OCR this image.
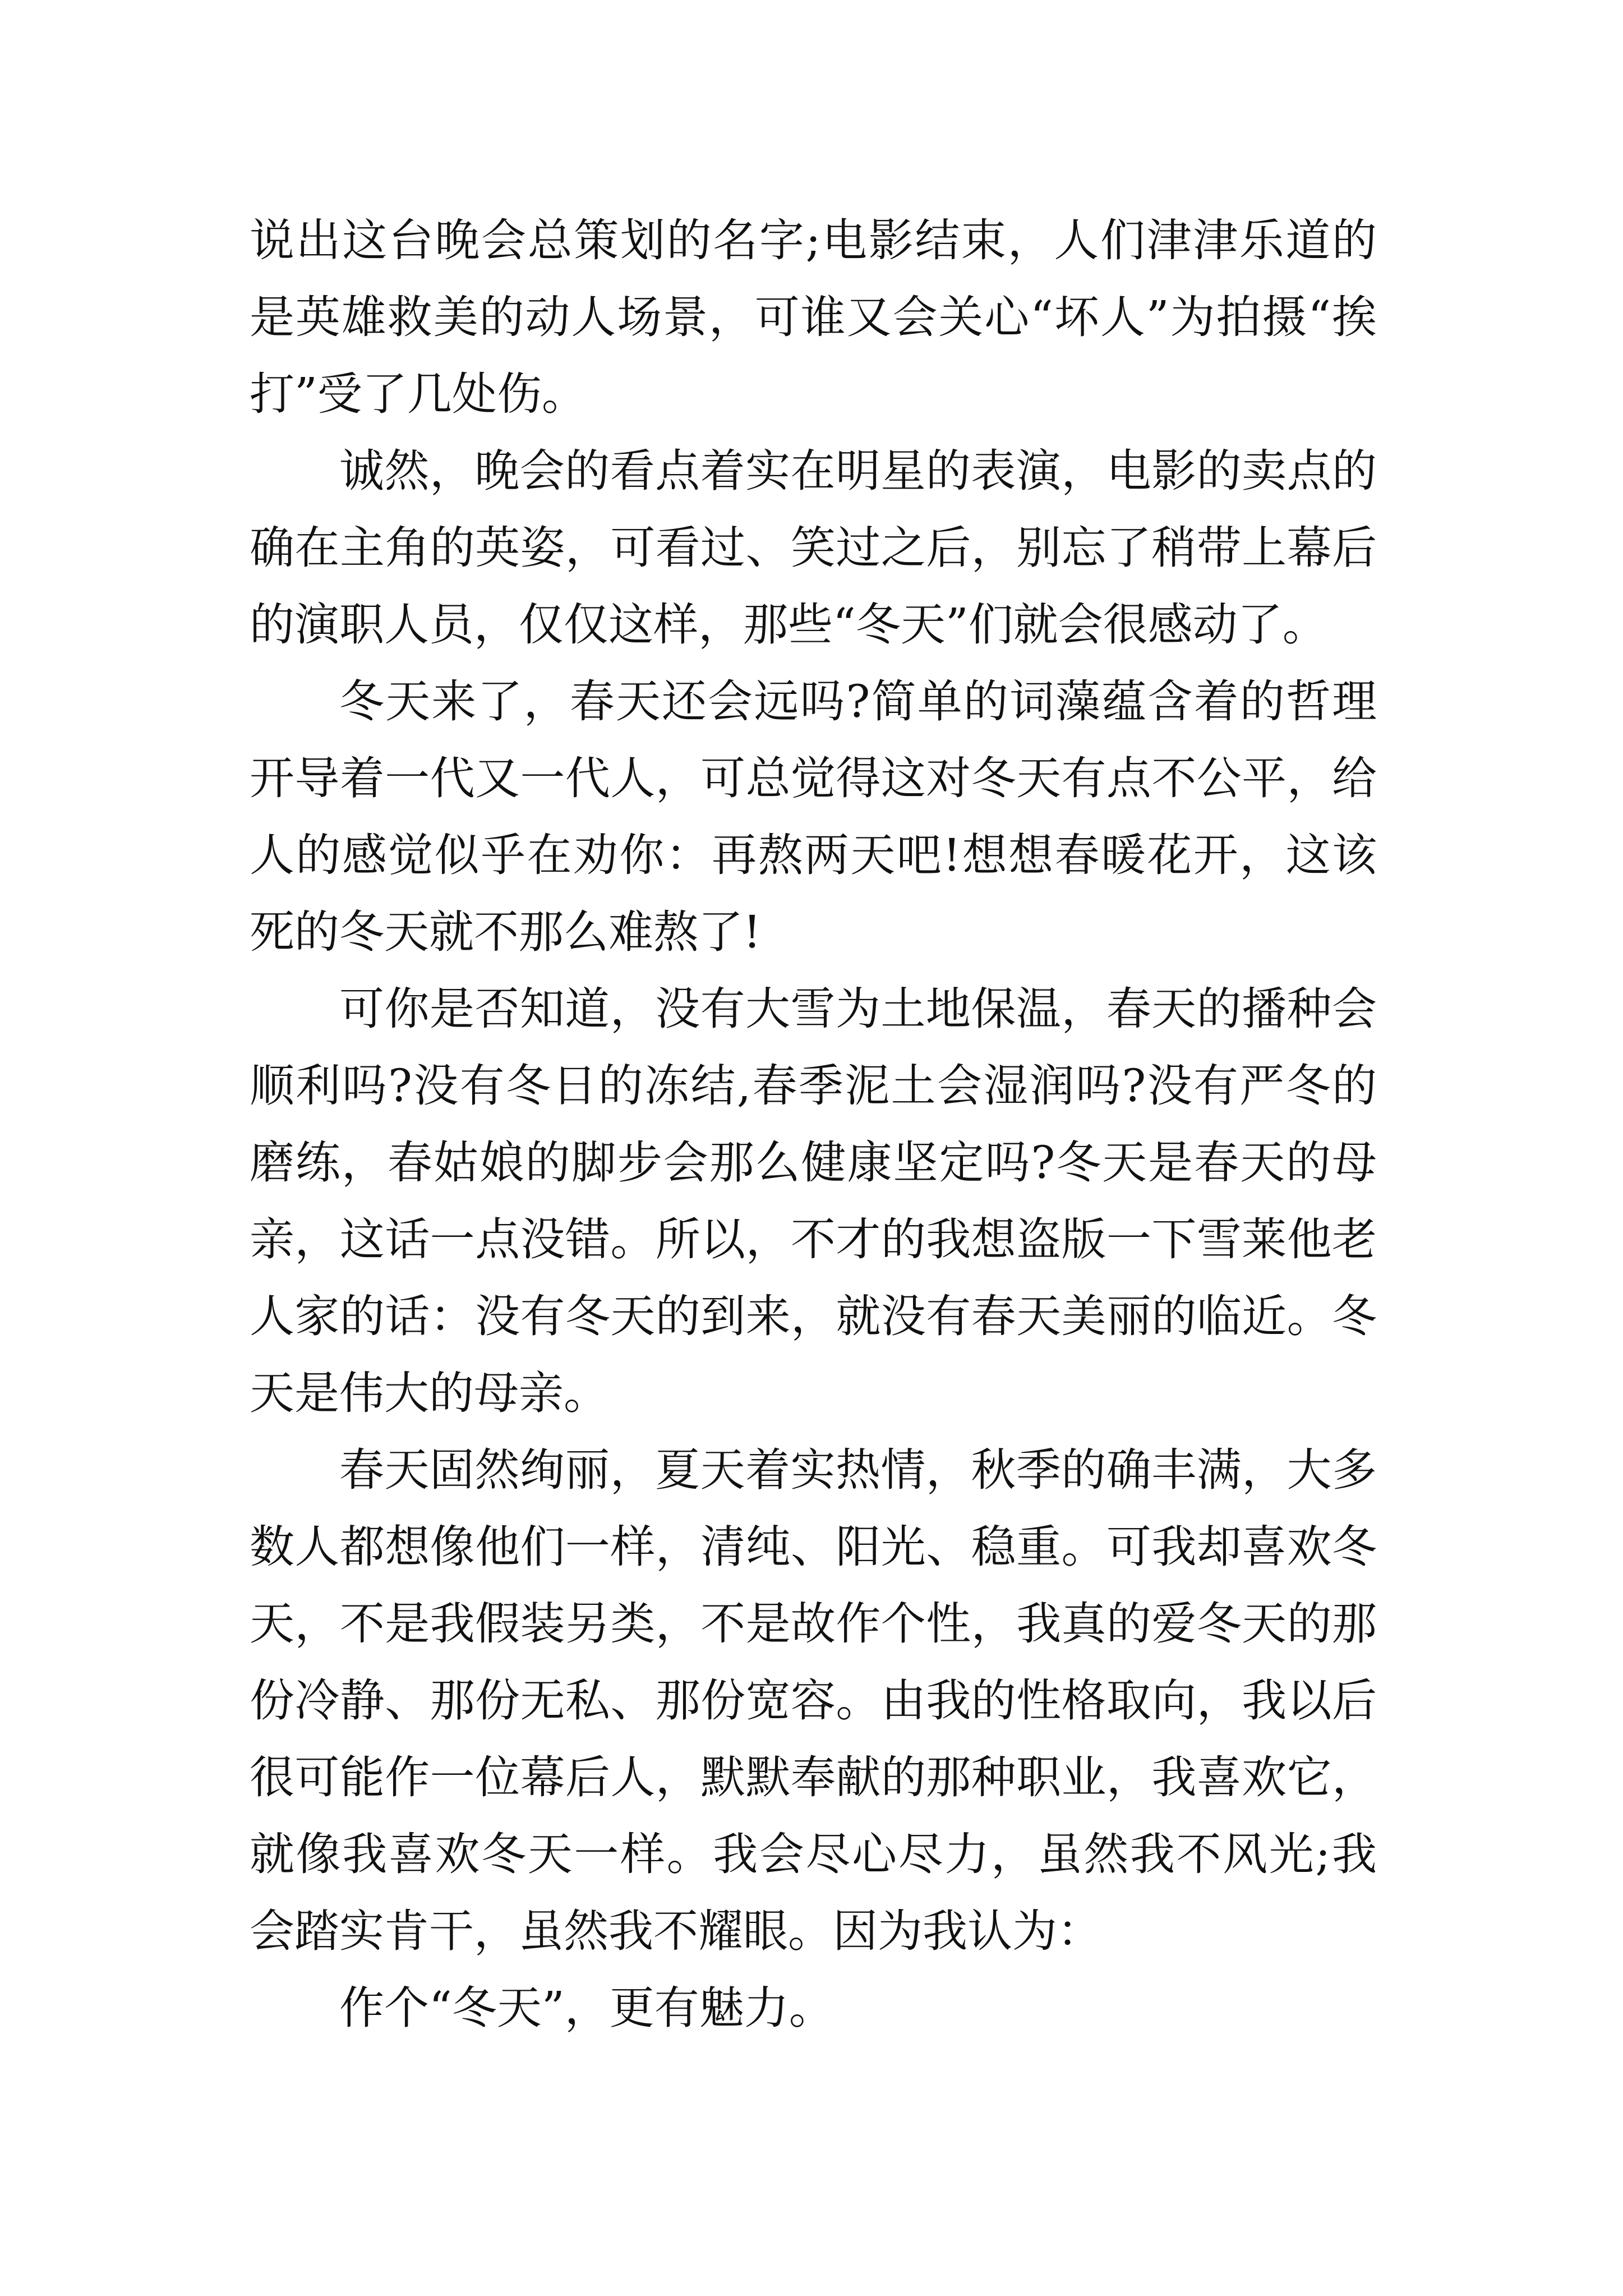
说出这台晚会总策划的名字;电影结束，人们津津乐道的是英雄救美的动人场景，可谁又会关心“坏人”为拍摄“挨打”受了几处伤。

诚然，晚会的看点着实在明星的表演，电影的卖点的确在主角的英姿，可看过、笑过之后，别忘了稍带上幕后的演职人员，仅仅这样，那些“冬天”们就会很感动了。

冬天来了，春天还会远吗?简单的词藻蕴含着的哲理开导着一代又一代人，可总觉得这对冬天有点不公平，给人的感觉似乎在劝你：再熬两天吧!想想春暖花开，这该死的冬天就不那么难熬了!

可你是否知道，没有大雪为土地保温，春天的播种会顺利吗?没有冬日的冻结,春季泥土会湿润吗?没有严冬的磨练，春姑娘的脚步会那么健康坚定吗?冬天是春天的母亲，这话一点没错。所以，不才的我想盗版一下雪莱他老人家的话：没有冬天的到来，就没有春天美丽的临近。冬天是伟大的母亲。

春天固然绚丽，夏天着实热情，秋季的确丰满，大多数人都想像他们一样，清纯、阳光、稳重。可我却喜欢冬天，不是我假装另类，不是故作个性，我真的爱冬天的那份冷静、那份无私、那份宽容。由我的性格取向，我以后很可能作一位幕后人，默默奉献的那种职业，我喜欢它，就像我喜欢冬天一样。我会尽心尽力，虽然我不风光;我会踏实肯干，虽然我不耀眼。因为我认为：

作个“冬天”，更有魅力。
